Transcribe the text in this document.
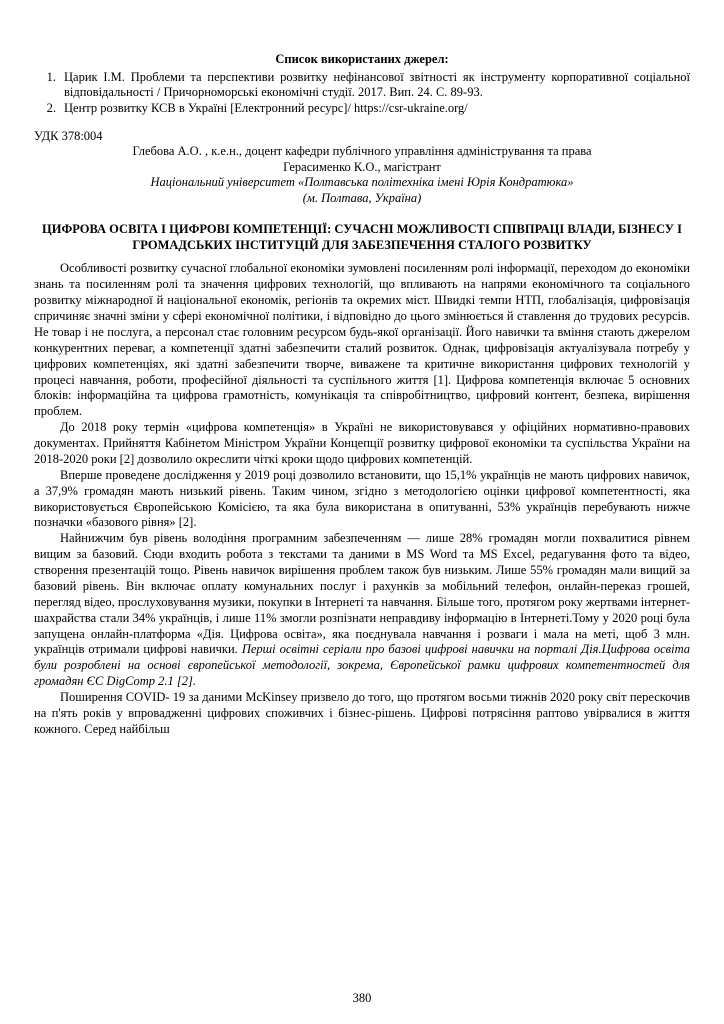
Список використаних джерел:
1. Царик І.М. Проблеми та перспективи розвитку нефінансової звітності як інструменту корпоративної соціальної відповідальності / Причорноморські економічні студії. 2017. Вип. 24. С. 89-93.
2. Центр розвитку КСВ в Україні [Електронний ресурс]/ https://csr-ukraine.org/
УДК 378:004
Глебова А.О. , к.е.н., доцент кафедри публічного управління адміністрування та права
Герасименко К.О., магістрант
Національний університет «Полтавська політехніка імені Юрія Кондратюка»
(м. Полтава, Україна)
ЦИФРОВА ОСВІТА І ЦИФРОВІ КОМПЕТЕНЦІЇ: СУЧАСНІ МОЖЛИВОСТІ СПІВПРАЦІ ВЛАДИ, БІЗНЕСУ І ГРОМАДСЬКИХ ІНСТИТУЦІЙ ДЛЯ ЗАБЕЗПЕЧЕННЯ СТАЛОГО РОЗВИТКУ

Особливості розвитку сучасної глобальної економіки зумовлені посиленням ролі інформації, переходом до економіки знань та посиленням ролі та значення цифрових технологій, що впливають на напрями економічного та соціального розвитку міжнародної й національної економік, регіонів та окремих міст. Швидкі темпи НТП, глобалізація, цифровізація спричиняє значні зміни у сфері економічної політики, і відповідно до цього змінюється й ставлення до трудових ресурсів. Не товар і не послуга, а персонал стає головним ресурсом будь-якої організації. Його навички та вміння стають джерелом конкурентних переваг, а компетенції здатні забезпечити сталий розвиток. Однак, цифровізація актуалізувала потребу у цифрових компетенціях, які здатні забезпечити творче, виважене та критичне використання цифрових технологій у процесі навчання, роботи, професійної діяльності та суспільного життя [1]. Цифрова компетенція включає 5 основних блоків: інформаційна та цифрова грамотність, комунікація та співробітництво, цифровий контент, безпека, вирішення проблем.

До 2018 року термін «цифрова компетенція» в Україні не використовувався у офіційних нормативно-правових документах. Прийняття Кабінетом Міністром України Концепції розвитку цифрової економіки та суспільства України на 2018-2020 роки [2] дозволило окреслити чіткі кроки щодо цифрових компетенцій.

Вперше проведене дослідження у 2019 році дозволило встановити, що 15,1% українців не мають цифрових навичок, а 37,9% громадян мають низький рівень. Таким чином, згідно з методологією оцінки цифрової компетентності, яка використовується Європейською Комісією, та яка була використана в опитуванні, 53% українців перебувають нижче позначки «базового рівня» [2].

Найнижчим був рівень володіння програмним забезпеченням — лише 28% громадян могли похвалитися рівнем вищим за базовий. Сюди входить робота з текстами та даними в MS Word та MS Excel, редагування фото та відео, створення презентацій тощо. Рівень навичок вирішення проблем також був низьким. Лише 55% громадян мали вищий за базовий рівень. Він включає оплату комунальних послуг і рахунків за мобільний телефон, онлайн-переказ грошей, перегляд відео, прослуховування музики, покупки в Інтернеті та навчання. Більше того, протягом року жертвами інтернет-шахрайства стали 34% українців, і лише 11% змогли розпізнати неправдиву інформацію в Інтернеті.Тому у 2020 році була запущена онлайн-платформа «Дія. Цифрова освіта», яка поєднувала навчання і розваги і мала на меті, щоб 3 млн. українців отримали цифрові навички. Перші освітні серіали про базові цифрові навички на порталі Дія.Цифрова освіта були розроблені на основі європейської методології, зокрема, Європейської рамки цифрових компетентностей для громадян ЄС DigComp 2.1 [2].

Поширення COVID- 19 за даними McKinsey призвело до того, що протягом восьми тижнів 2020 року світ перескочив на п'ять років у впровадженні цифрових споживчих і бізнес-рішень. Цифрові потрясіння раптово увірвалися в життя кожного. Серед найбільш

380
